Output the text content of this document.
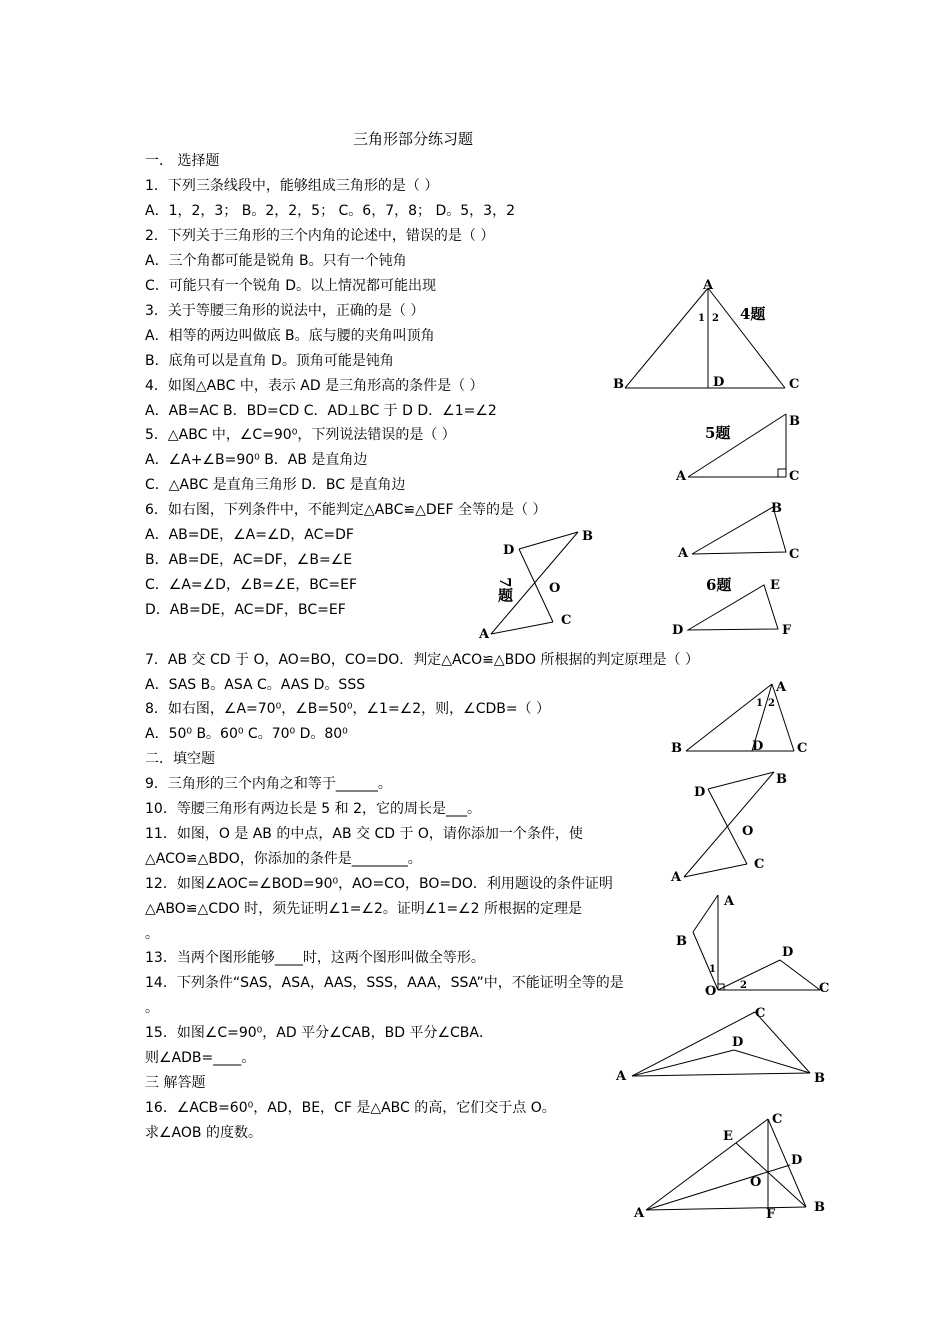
三角形部分练习题
一． 选择题
1．下列三条线段中，能够组成三角形的是（ ）
A．1，2，3； B。2，2，5； C。6，7，8； D。5，3，2
2．下列关于三角形的三个内角的论述中，错误的是（ ）
A．三个角都可能是锐角 B。只有一个钝角
C．可能只有一个锐角 D。以上情况都可能出现
3．关于等腰三角形的说法中，正确的是（ ）
A．相等的两边叫做底 B。底与腰的夹角叫顶角
B．底角可以是直角 D。顶角可能是钝角
4．如图△ABC 中，表示 AD 是三角形高的条件是（ ）
A．AB=AC B．BD=CD C．AD⊥BC 于 D D．∠1=∠2
5．△ABC 中，∠C=90⁰，下列说法错误的是（ ）
A．∠A+∠B=90⁰ B．AB 是直角边
C．△ABC 是直角三角形 D．BC 是直角边
6．如右图，下列条件中，不能判定△ABC≌△DEF 全等的是（ ）
A．AB=DE，∠A=∠D，AC=DF
B．AB=DE，AC=DF，∠B=∠E
C．∠A=∠D，∠B=∠E，BC=EF
D．AB=DE，AC=DF，BC=EF
7．AB 交 CD 于 O，AO=BO，CO=DO．判定△ACO≌△BDO 所根据的判定原理是（ ）
A．SAS B。ASA C。AAS D。SSS
8．如右图，∠A=70⁰，∠B=50⁰，∠1=∠2，则，∠CDB=（ ）
A．50⁰ B。60⁰ C。70⁰ D。80⁰
二．填空题
9．三角形的三个内角之和等于______。
10．等腰三角形有两边长是 5 和 2，它的周长是___。
11．如图，O 是 AB 的中点，AB 交 CD 于 O，请你添加一个条件，使
△ACO≌△BDO，你添加的条件是________。
12．如图∠AOC=∠BOD=90⁰，AO=CO，BO=DO．利用题设的条件证明
△ABO≌△CDO 时，须先证明∠1=∠2。证明∠1=∠2 所根据的定理是
。
13．当两个图形能够____时，这两个图形叫做全等形。
14．下列条件“SAS，ASA，AAS，SSS，AAA，SSA”中，不能证明全等的是
。
15．如图∠C=90⁰，AD 平分∠CAB，BD 平分∠CBA．
则∠ADB=____。
三 解答题
16．∠ACB=60⁰，AD，BE，CF 是△ABC 的高，它们交于点 O。
求∠AOB 的度数。
A
B	C
D
1 2 4题
A
B
C
5题
A
B
C
D
E
F
6题
A
B
C
D
O
7题
A
B	C
D
1 2
A
B
C
D
O
A
B
C
D
O
1
2
A	B
C
D
A	B
C
D
E
F
O
